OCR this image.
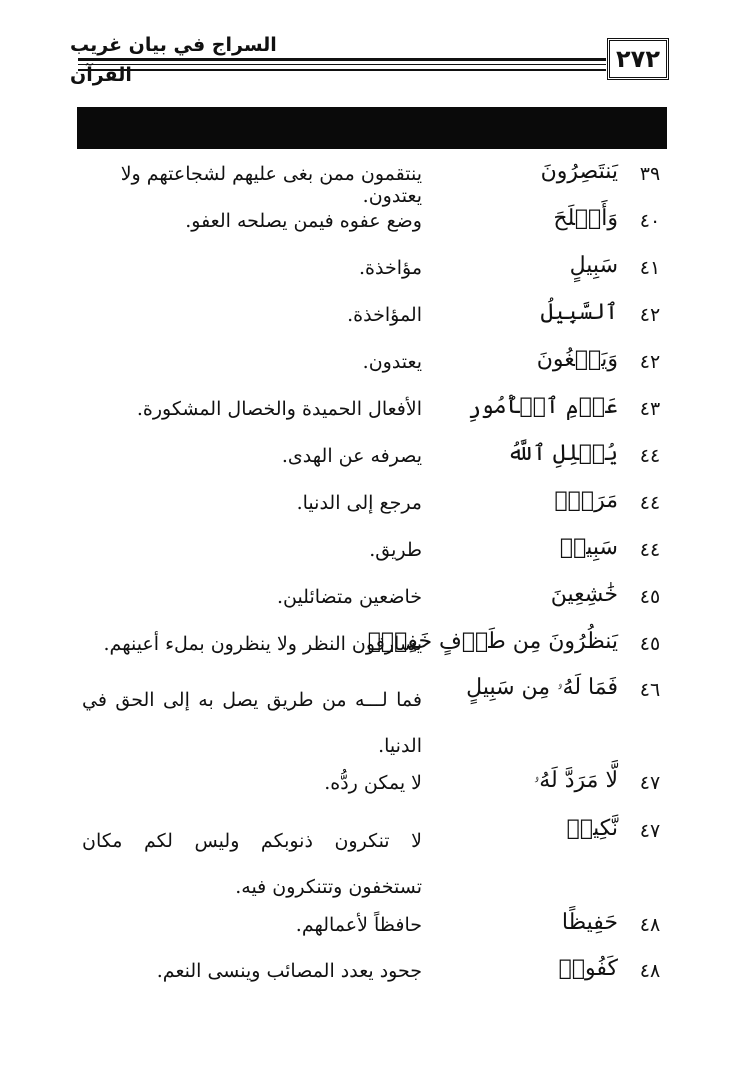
السراج في بيان غريب القرآن
٢٧٢
٣٩
يَنتَصِرُونَ
ينتقمون ممن بغى عليهم لشجاعتهم ولا يعتدون.
٤٠
وَأَصۡلَحَ
وضع عفوه فيمن يصلحه العفو.
٤١
سَبِيلٍ
مؤاخذة.
٤٢
ٱلسَّبِيلُ
المؤاخذة.
٤٢
وَيَبۡغُونَ
يعتدون.
٤٣
عَزۡمِ ٱلۡأُمُورِ
الأفعال الحميدة والخصال المشكورة.
٤٤
يُضۡلِلِ ٱللَّهُ
يصرفه عن الهدى.
٤٤
مَرَدّٖ
مرجع إلى الدنيا.
٤٤
سَبِيلٖ
طريق.
٤٥
خَٰشِعِينَ
خاضعين متضائلين.
٤٥
يَنظُرُونَ مِن طَرۡفٍ خَفِيّٖ
يسارقون النظر ولا ينظرون بملء أعينهم.
٤٦
فَمَا لَهُۥ مِن سَبِيلٍ
فما لـــه من طريق يصل به إلى الحق في الدنيا.
٤٧
لَّا مَرَدَّ لَهُۥ
لا يمكن ردُّه.
٤٧
نَّكِيرٖ
لا تنكرون ذنوبكم وليس لكم مكان تستخفون وتتنكرون فيه.
٤٨
حَفِيظًا
حافظاً لأعمالهم.
٤٨
كَفُورٞ
جحود يعدد المصائب وينسى النعم.
